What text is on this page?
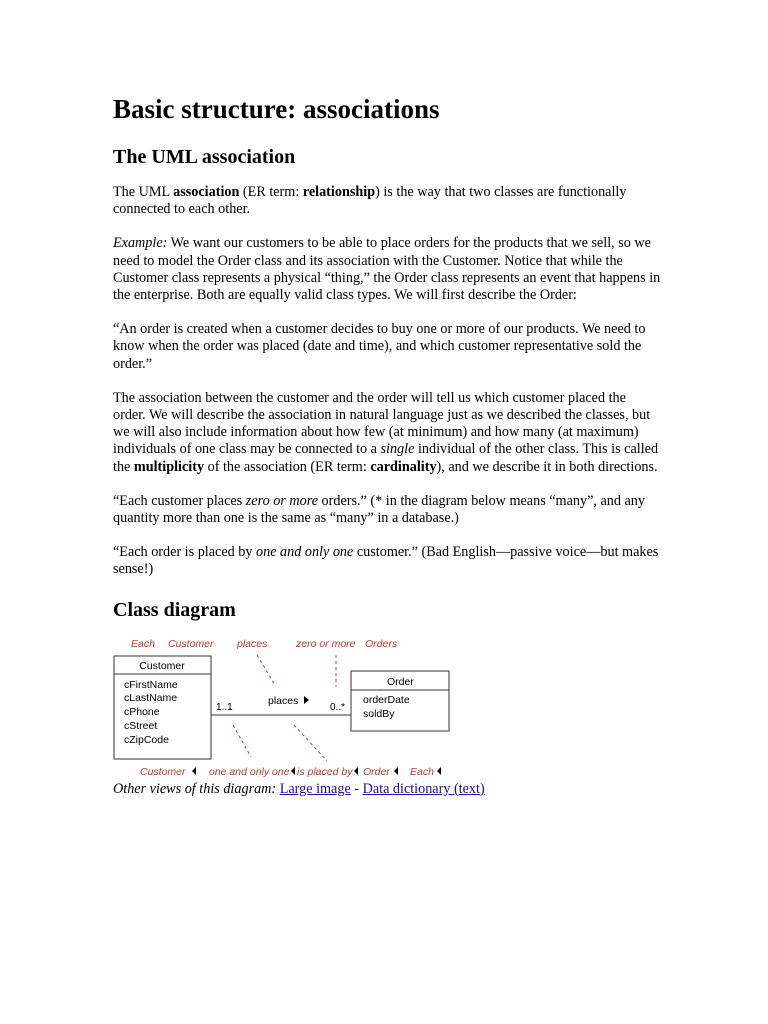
Basic structure: associations
The UML association

The UML association (ER term: relationship) is the way that two classes are functionally connected to each other.

Example: We want our customers to be able to place orders for the products that we sell, so we need to model the Order class and its association with the Customer. Notice that while the Customer class represents a physical “thing,” the Order class represents an event that happens in the enterprise. Both are equally valid class types. We will first describe the Order:

“An order is created when a customer decides to buy one or more of our products. We need to know when the order was placed (date and time), and which customer representative sold the order.”

The association between the customer and the order will tell us which customer placed the order. We will describe the association in natural language just as we described the classes, but we will also include information about how few (at minimum) and how many (at maximum) individuals of one class may be connected to a single individual of the other class. This is called the multiplicity of the association (ER term: cardinality), and we describe it in both directions.

“Each customer places zero or more orders.” (* in the diagram below means “many”, and any quantity more than one is the same as “many” in a database.)

“Each order is placed by one and only one customer.” (Bad English—passive voice—but makes sense!)

Class diagram
Each Customer places	zero or more Orders
Customer
cFirstName
cLastName
cPhone
cStreet
cZipCode
1..1	0..*
places
Order
orderDate
soldBy
Customer one and only one is placed by Order Each

Other views of this diagram: Large image - Data dictionary (text)
